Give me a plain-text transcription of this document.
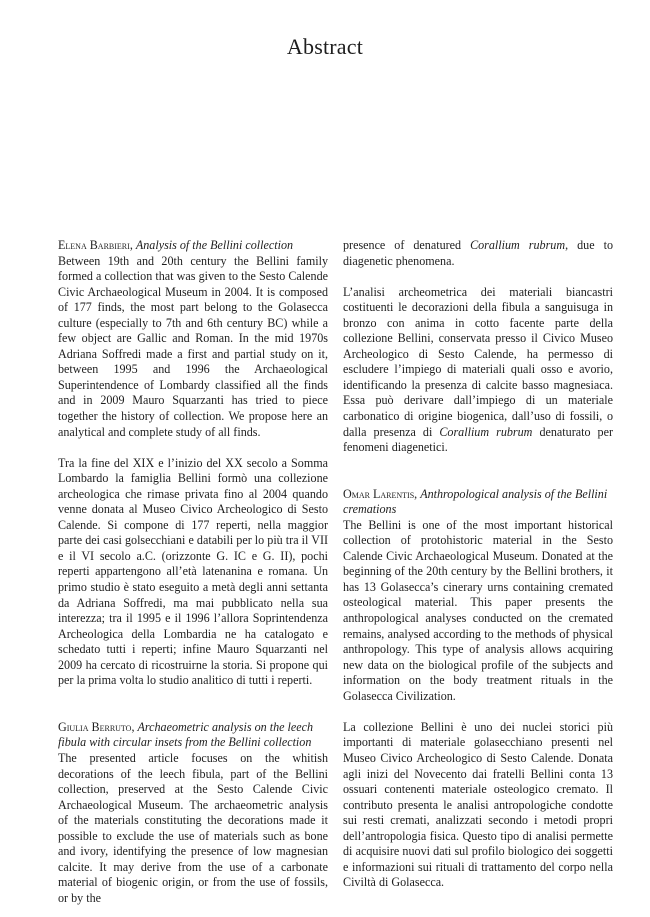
Abstract

Elena Barbieri, Analysis of the Bellini collection

Between 19th and 20th century the Bellini family formed a collection that was given to the Sesto Calende Civic Archaeological Museum in 2004. It is composed of 177 finds, the most part belong to the Golasecca culture (especially to 7th and 6th century BC) while a few object are Gallic and Roman. In the mid 1970s Adriana Soffredi made a first and partial study on it, between 1995 and 1996 the Archaeological Superintendence of Lombardy classified all the finds and in 2009 Mauro Squarzanti has tried to piece together the history of collection. We propose here an analytical and complete study of all finds.

Tra la fine del XIX e l’inizio del XX secolo a Somma Lombardo la famiglia Bellini formò una collezione archeologica che rimase privata fino al 2004 quando venne donata al Museo Civico Archeologico di Sesto Calende. Si compone di 177 reperti, nella maggior parte dei casi golsecchiani e databili per lo più tra il VII e il VI secolo a.C. (orizzonte G. IC e G. II), pochi reperti appartengono all’età latenanina e romana. Un primo studio è stato eseguito a metà degli anni settanta da Adriana Soffredi, ma mai pubblicato nella sua interezza; tra il 1995 e il 1996 l’allora Soprintendenza Archeologica della Lombardia ne ha catalogato e schedato tutti i reperti; infine Mauro Squarzanti nel 2009 ha cercato di ricostruirne la storia. Si propone qui per la prima volta lo studio analitico di tutti i reperti.

Giulia Berruto, Archaeometric analysis on the leech fibula with circular insets from the Bellini collection

The presented article focuses on the whitish decorations of the leech fibula, part of the Bellini collection, preserved at the Sesto Calende Civic Archaeological Museum. The archaeometric analysis of the materials constituting the decorations made it possible to exclude the use of materials such as bone and ivory, identifying the presence of low magnesian calcite. It may derive from the use of a carbonate material of biogenic origin, or from the use of fossils, or by the

presence of denatured Corallium rubrum, due to diagenetic phenomena.

L’analisi archeometrica dei materiali biancastri costituenti le decorazioni della fibula a sanguisuga in bronzo con anima in cotto facente parte della collezione Bellini, conservata presso il Civico Museo Archeologico di Sesto Calende, ha permesso di escludere l’impiego di materiali quali osso e avorio, identificando la presenza di calcite basso magnesiaca. Essa può derivare dall’impiego di un materiale carbonatico di origine biogenica, dall’uso di fossili, o dalla presenza di Corallium rubrum denaturato per fenomeni diagenetici.

Omar Larentis, Anthropological analysis of the Bellini cremations

The Bellini is one of the most important historical collection of protohistoric material in the Sesto Calende Civic Archaeological Museum. Donated at the beginning of the 20th century by the Bellini brothers, it has 13 Golasecca’s cinerary urns containing cremated osteological material. This paper presents the anthropological analyses conducted on the cremated remains, analysed according to the methods of physical anthropology. This type of analysis allows acquiring new data on the biological profile of the subjects and information on the body treatment rituals in the Golasecca Civilization.

La collezione Bellini è uno dei nuclei storici più importanti di materiale golasecchiano presenti nel Museo Civico Archeologico di Sesto Calende. Donata agli inizi del Novecento dai fratelli Bellini conta 13 ossuari contenenti materiale osteologico cremato. Il contributo presenta le analisi antropologiche condotte sui resti cremati, analizzati secondo i metodi propri dell’antropologia fisica. Questo tipo di analisi permette di acquisire nuovi dati sul profilo biologico dei soggetti e informazioni sui rituali di trattamento del corpo nella Civiltà di Golasecca.
